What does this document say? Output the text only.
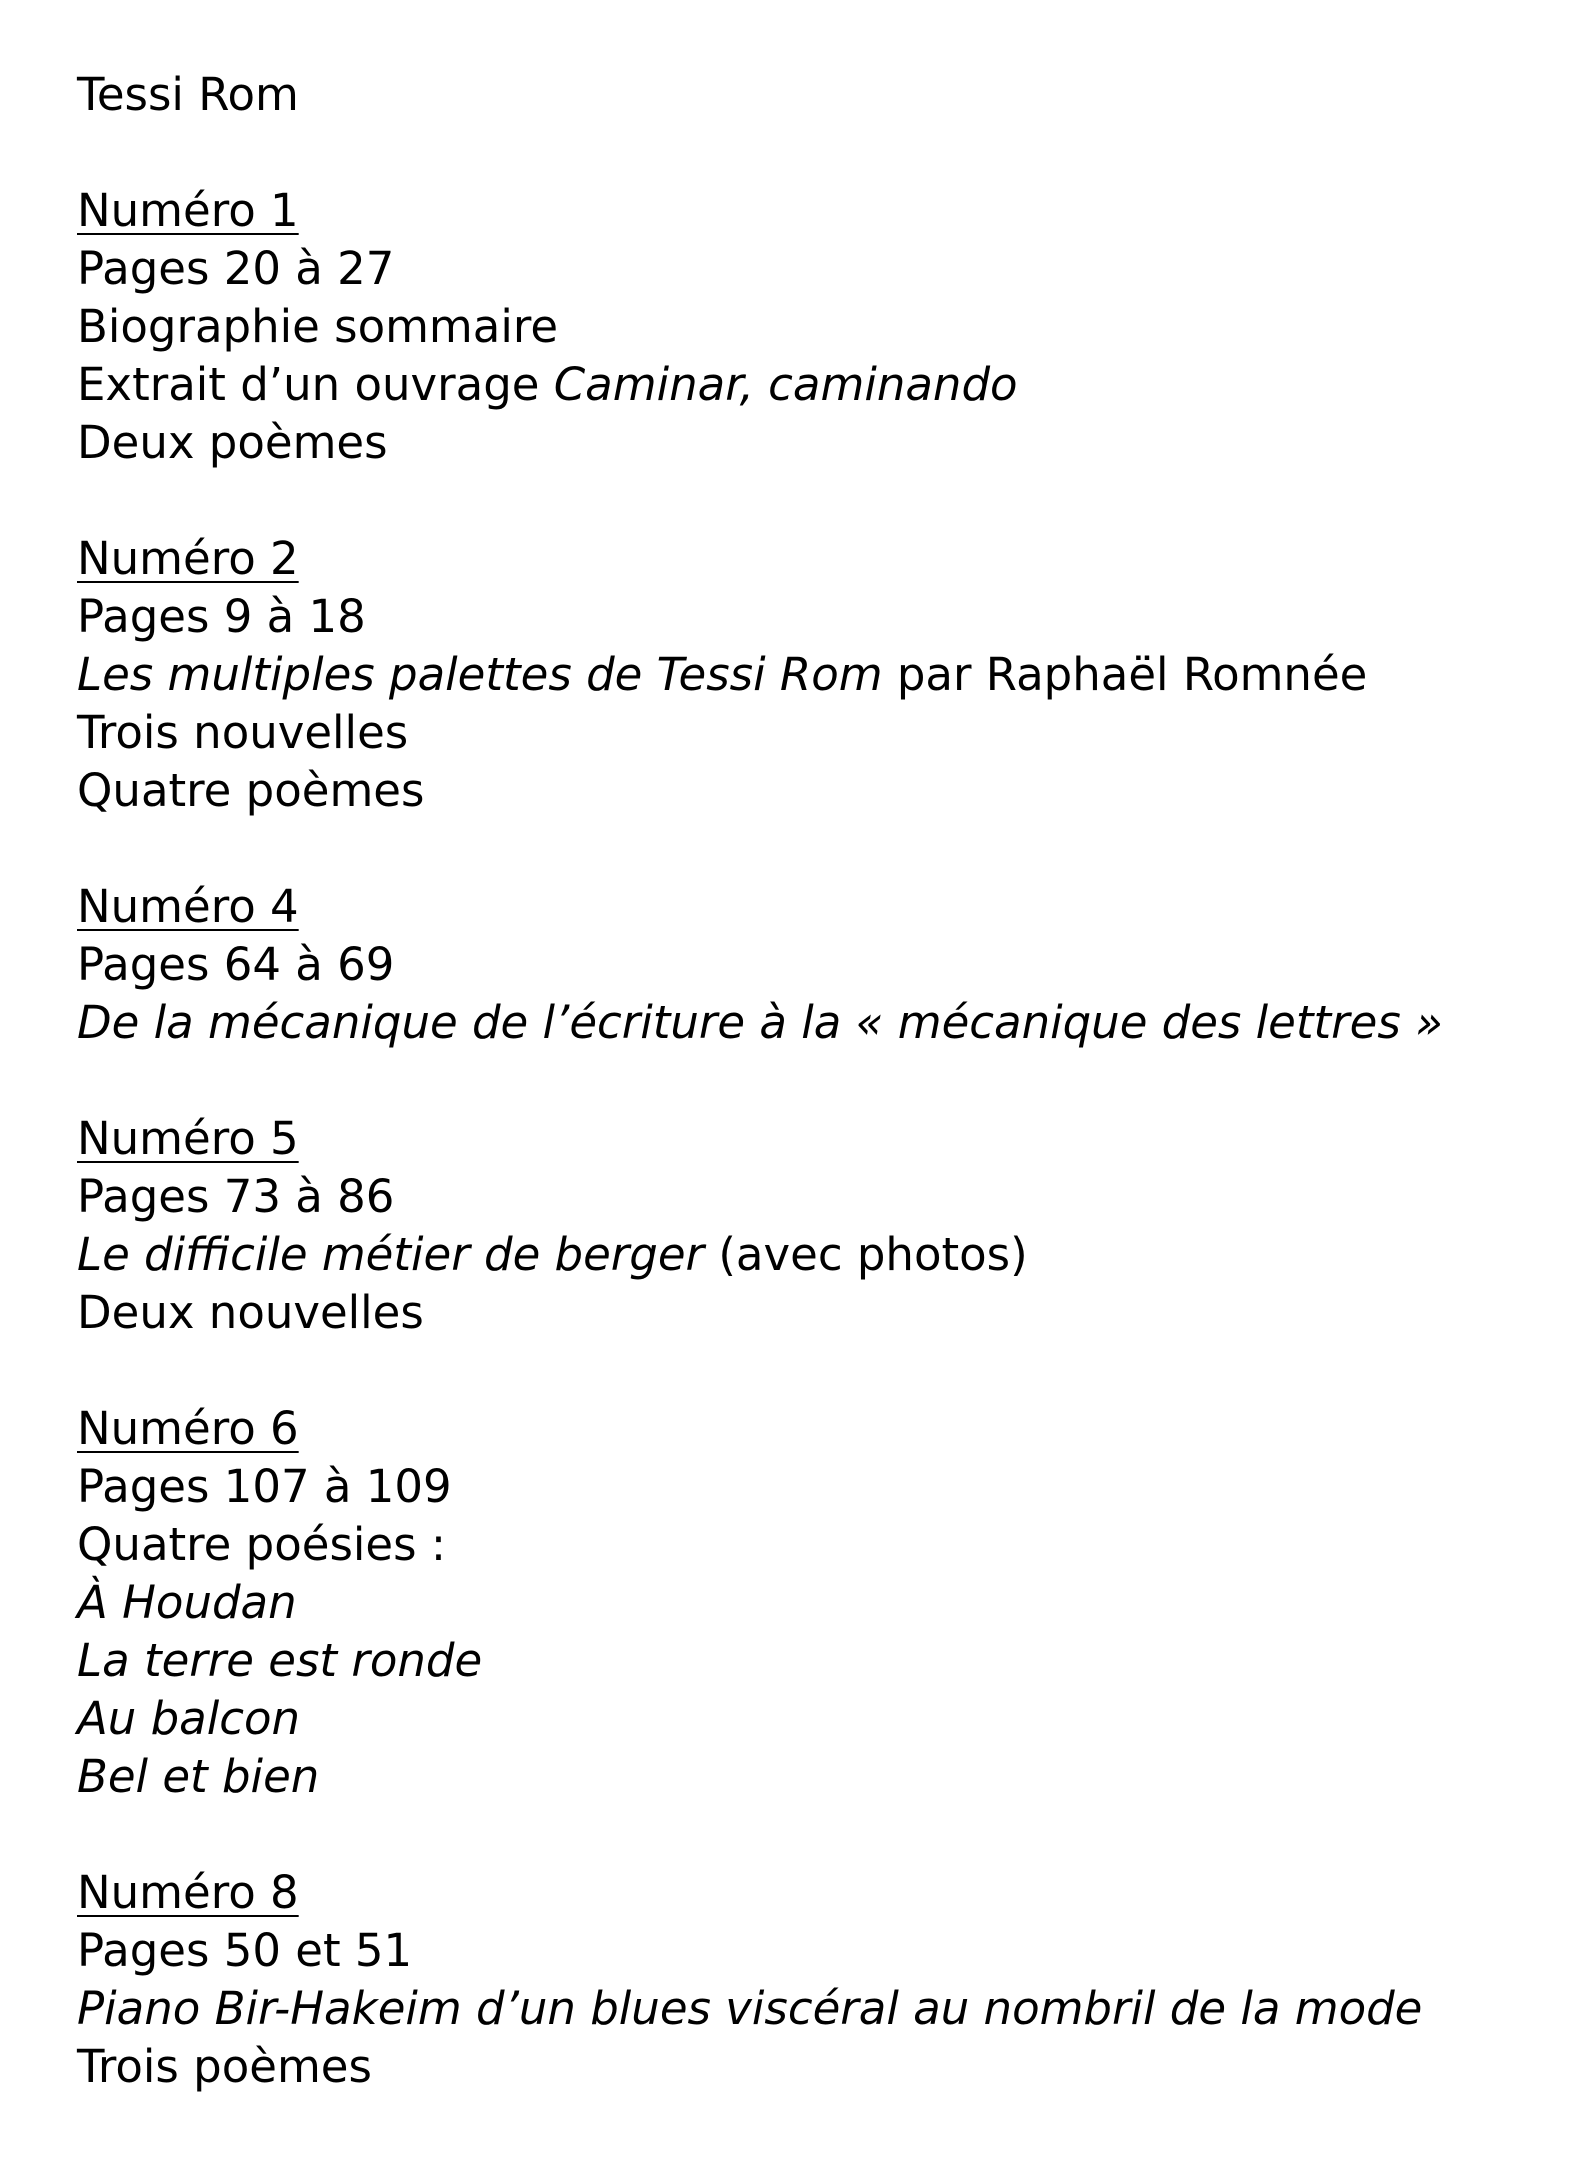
Tessi Rom
Numéro 1
Pages 20 à 27
Biographie sommaire
Extrait d’un ouvrage Caminar, caminando
Deux poèmes
Numéro 2
Pages 9 à 18
Les multiples palettes de Tessi Rom par Raphaël Romnée
Trois nouvelles
Quatre poèmes
Numéro 4
Pages 64 à 69
De la mécanique de l’écriture à la « mécanique des lettres »
Numéro 5
Pages 73 à 86
Le difficile métier de berger (avec photos)
Deux nouvelles
Numéro 6
Pages 107 à 109
Quatre poésies :
À Houdan
La terre est ronde
Au balcon
Bel et bien
Numéro 8
Pages 50 et 51
Piano Bir-Hakeim d’un blues viscéral au nombril de la mode
Trois poèmes
